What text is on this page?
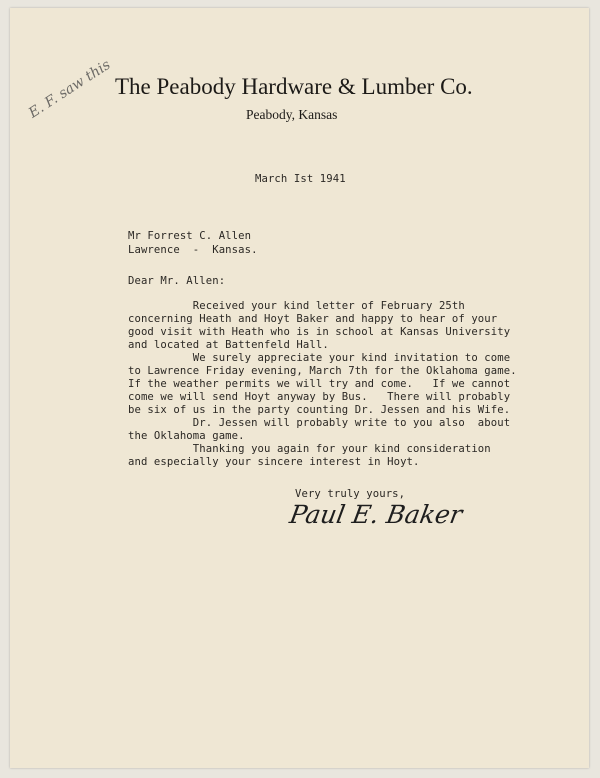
The Peabody Hardware & Lumber Co.
Peabody, Kansas
E. F. saw this
March Ist 1941
Mr Forrest C. Allen
Lawrence  -  Kansas.
Dear Mr. Allen:
Received your kind letter of February 25th
concerning Heath and Hoyt Baker and happy to hear of your
good visit with Heath who is in school at Kansas University
and located at Battenfeld Hall.
We surely appreciate your kind invitation to come
to Lawrence Friday evening, March 7th for the Oklahoma game.
If the weather permits we will try and come.   If we cannot
come we will send Hoyt anyway by Bus.   There will probably
be six of us in the party counting Dr. Jessen and his Wife.
Dr. Jessen will probably write to you also  about
the Oklahoma game.
Thanking you again for your kind consideration
and especially your sincere interest in Hoyt.
Very truly yours,
Paul E. Baker
